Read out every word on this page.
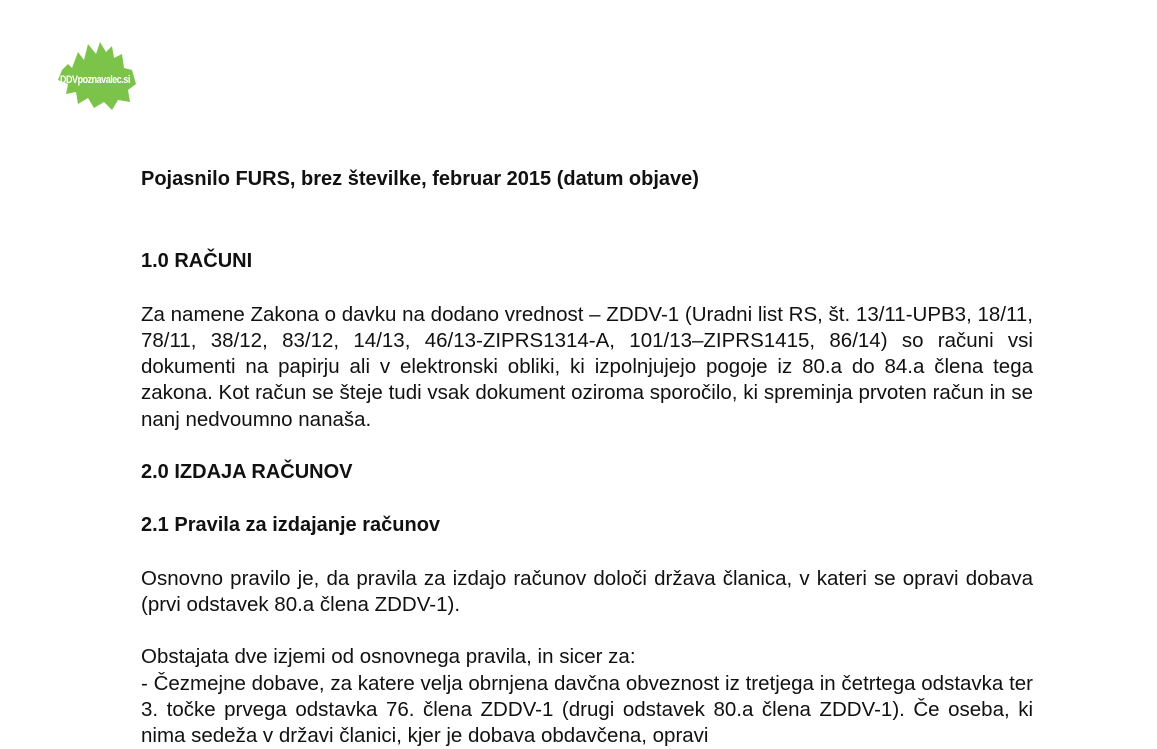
DDVpoznavalec.si
Pojasnilo FURS, brez številke, februar 2015 (datum objave)
1.0 RAČUNI

Za namene Zakona o davku na dodano vrednost – ZDDV-1 (Uradni list RS, št. 13/11-UPB3, 18/11, 78/11, 38/12, 83/12, 14/13, 46/13-ZIPRS1314-A, 101/13–ZIPRS1415, 86/14) so računi vsi dokumenti na papirju ali v elektronski obliki, ki izpolnjujejo pogoje iz 80.a do 84.a člena tega zakona. Kot račun se šteje tudi vsak dokument oziroma sporočilo, ki spreminja prvoten račun in se nanj nedvoumno nanaša.

2.0 IZDAJA RAČUNOV
2.1 Pravila za izdajanje računov

Osnovno pravilo je, da pravila za izdajo računov določi država članica, v kateri se opravi dobava (prvi odstavek 80.a člena ZDDV-1).

Obstajata dve izjemi od osnovnega pravila, in sicer za:

- Čezmejne dobave, za katere velja obrnjena davčna obveznost iz tretjega in četrtega odstavka ter 3. točke prvega odstavka 76. člena ZDDV-1 (drugi odstavek 80.a člena ZDDV-1). Če oseba, ki nima sedeža v državi članici, kjer je dobava obdavčena, opravi
